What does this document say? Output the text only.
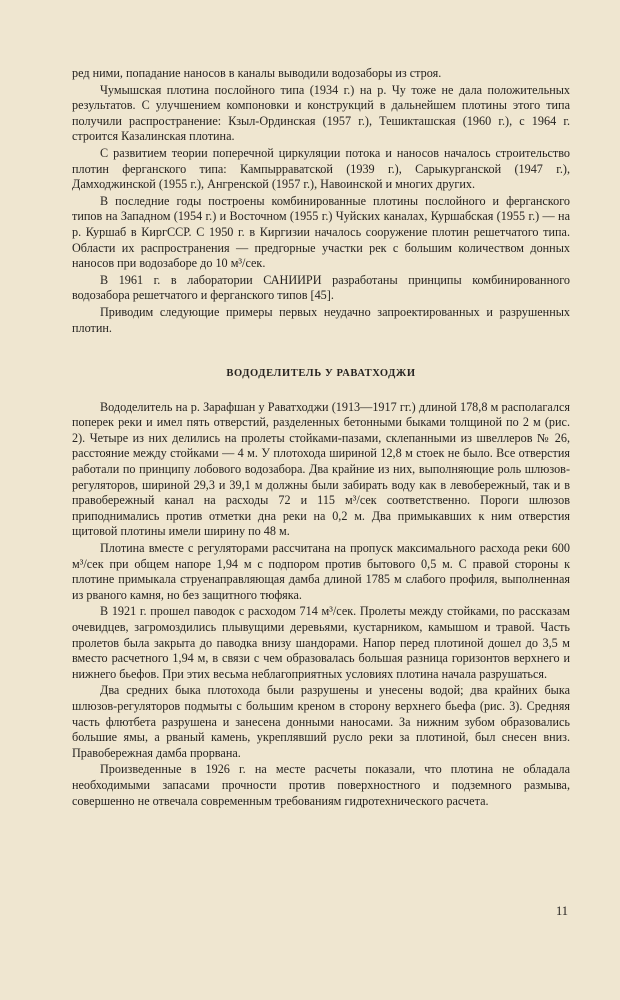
ред ними, попадание наносов в каналы выводили водозаборы из строя.

Чумышская плотина послойного типа (1934 г.) на р. Чу тоже не дала положительных результатов. С улучшением компоновки и конструкций в дальнейшем плотины этого типа получили распространение: Кзыл-Ординская (1957 г.), Тешикташская (1960 г.), с 1964 г. строится Казалинская плотина.

С развитием теории поперечной циркуляции потока и наносов началось строительство плотин ферганского типа: Кампырраватской (1939 г.), Сарыкурганской (1947 г.), Дамходжинской (1955 г.), Ангренской (1957 г.), Навоинской и многих других.

В последние годы построены комбинированные плотины послойного и ферганского типов на Западном (1954 г.) и Восточном (1955 г.) Чуйских каналах, Куршабская (1955 г.) — на р. Куршаб в КиргССР. С 1950 г. в Киргизии началось сооружение плотин решетчатого типа. Области их распространения — предгорные участки рек с большим количеством донных наносов при водозаборе до 10 м³/сек.

В 1961 г. в лаборатории САНИИРИ разработаны принципы комбинированного водозабора решетчатого и ферганского типов [45].

Приводим следующие примеры первых неудачно запроектированных и разрушенных плотин.

ВОДОДЕЛИТЕЛЬ У РАВАТХОДЖИ

Вододелитель на р. Зарафшан у Раватходжи (1913—1917 гг.) длиной 178,8 м располагался поперек реки и имел пять отверстий, разделенных бетонными быками толщиной по 2 м (рис. 2). Четыре из них делились на пролеты стойками-пазами, склепанными из швеллеров № 26, расстояние между стойками — 4 м. У плотохода шириной 12,8 м стоек не было. Все отверстия работали по принципу лобового водозабора. Два крайние из них, выполняющие роль шлюзов-регуляторов, шириной 29,3 и 39,1 м должны были забирать воду как в левобережный, так и в правобережный канал на расходы 72 и 115 м³/сек соответственно. Пороги шлюзов приподнимались против отметки дна реки на 0,2 м. Два примыкавших к ним отверстия щитовой плотины имели ширину по 48 м.

Плотина вместе с регуляторами рассчитана на пропуск максимального расхода реки 600 м³/сек при общем напоре 1,94 м с подпором против бытового 0,5 м. С правой стороны к плотине примыкала струенаправляющая дамба длиной 1785 м слабого профиля, выполненная из рваного камня, но без защитного тюфяка.

В 1921 г. прошел паводок с расходом 714 м³/сек. Пролеты между стойками, по рассказам очевидцев, загромоздились плывущими деревьями, кустарником, камышом и травой. Часть пролетов была закрыта до паводка внизу шандорами. Напор перед плотиной дошел до 3,5 м вместо расчетного 1,94 м, в связи с чем образовалась большая разница горизонтов верхнего и нижнего бьефов. При этих весьма неблагоприятных условиях плотина начала разрушаться.

Два средних быка плотохода были разрушены и унесены водой; два крайних быка шлюзов-регуляторов подмыты с большим креном в сторону верхнего бьефа (рис. 3). Средняя часть флютбета разрушена и занесена донными наносами. За нижним зубом образовались большие ямы, а рваный камень, укреплявший русло реки за плотиной, был снесен вниз. Правобережная дамба прорвана.

Произведенные в 1926 г. на месте расчеты показали, что плотина не обладала необходимыми запасами прочности против поверхностного и подземного размыва, совершенно не отвечала современным требованиям гидротехнического расчета.

11
